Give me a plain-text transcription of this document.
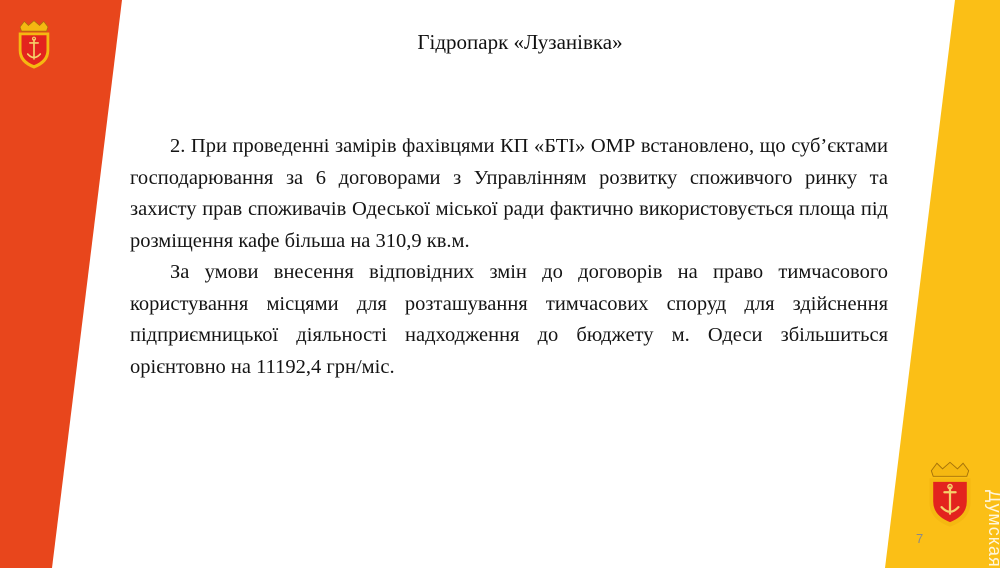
Гідропарк «Лузанівка»

2. При проведенні замірів фахівцями КП «БТІ» ОМР встановлено, що суб’єктами господарювання за 6 договорами з Управлінням розвитку споживчого ринку та захисту прав споживачів Одеської міської ради фактично використовується площа під розміщення кафе більша на 310,9 кв.м.

За умови внесення відповідних змін до договорів на право тимчасового користування місцями для розташування тимчасових споруд для здійснення підприємницької діяльності надходження до бюджету м. Одеси збільшиться орієнтовно на 11192,4 грн/міс.

7	Думская
